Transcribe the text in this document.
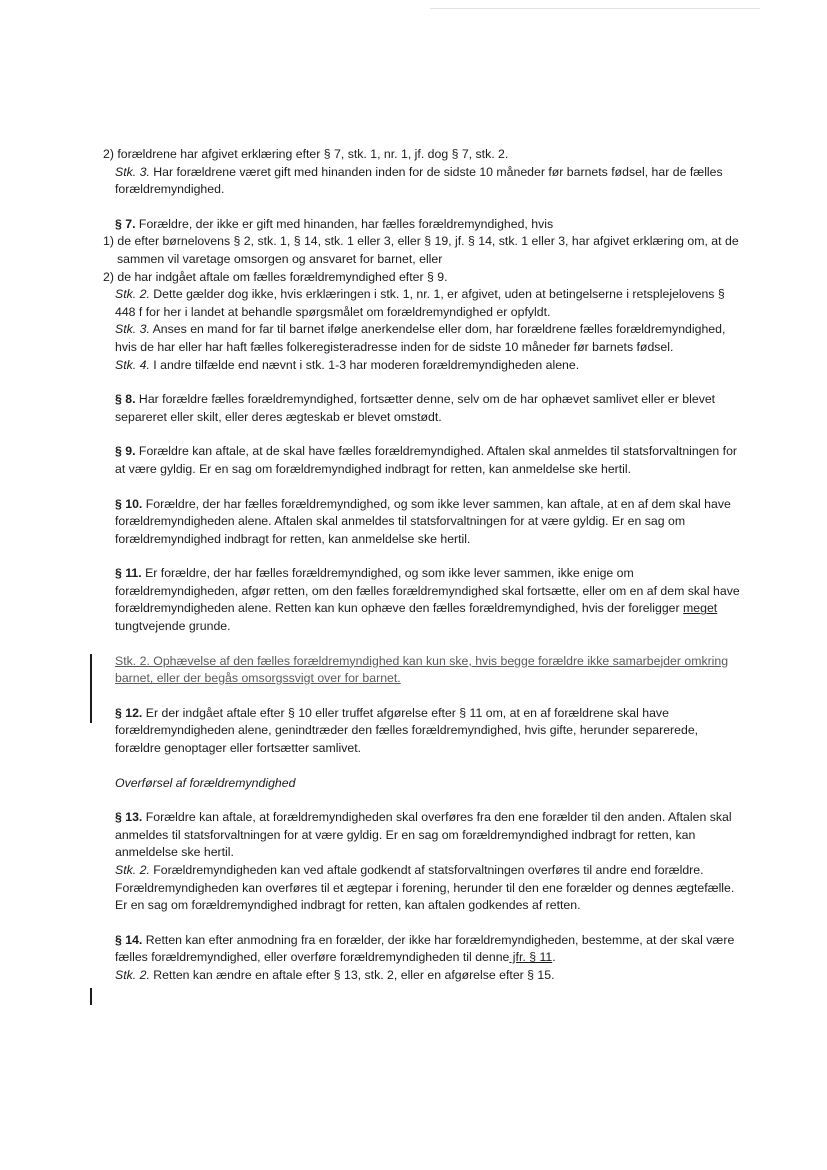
2) forældrene har afgivet erklæring efter § 7, stk. 1, nr. 1, jf. dog § 7, stk. 2.

Stk. 3. Har forældrene været gift med hinanden inden for de sidste 10 måneder før barnets fødsel, har de fælles forældremyndighed.

§ 7. Forældre, der ikke er gift med hinanden, har fælles forældremyndighed, hvis

1) de efter børnelovens § 2, stk. 1, § 14, stk. 1 eller 3, eller § 19, jf. § 14, stk. 1 eller 3, har afgivet erklæring om, at de sammen vil varetage omsorgen og ansvaret for barnet, eller

2) de har indgået aftale om fælles forældremyndighed efter § 9.

Stk. 2. Dette gælder dog ikke, hvis erklæringen i stk. 1, nr. 1, er afgivet, uden at betingelserne i retsplejelovens § 448 f for her i landet at behandle spørgsmålet om forældremyndighed er opfyldt.

Stk. 3. Anses en mand for far til barnet ifølge anerkendelse eller dom, har forældrene fælles forældremyndighed, hvis de har eller har haft fælles folkeregisteradresse inden for de sidste 10 måneder før barnets fødsel.

Stk. 4. I andre tilfælde end nævnt i stk. 1-3 har moderen forældremyndigheden alene.

§ 8. Har forældre fælles forældremyndighed, fortsætter denne, selv om de har ophævet samlivet eller er blevet separeret eller skilt, eller deres ægteskab er blevet omstødt.

§ 9. Forældre kan aftale, at de skal have fælles forældremyndighed. Aftalen skal anmeldes til statsforvaltningen for at være gyldig. Er en sag om forældremyndighed indbragt for retten, kan anmeldelse ske hertil.

§ 10. Forældre, der har fælles forældremyndighed, og som ikke lever sammen, kan aftale, at en af dem skal have forældremyndigheden alene. Aftalen skal anmeldes til statsforvaltningen for at være gyldig. Er en sag om forældremyndighed indbragt for retten, kan anmeldelse ske hertil.

§ 11. Er forældre, der har fælles forældremyndighed, og som ikke lever sammen, ikke enige om forældremyndigheden, afgør retten, om den fælles forældremyndighed skal fortsætte, eller om en af dem skal have forældremyndigheden alene. Retten kan kun ophæve den fælles forældremyndighed, hvis der foreligger meget tungtvejende grunde.

Stk. 2. Ophævelse af den fælles forældremyndighed kan kun ske, hvis begge forældre ikke samarbejder omkring barnet, eller der begås omsorgssvigt over for barnet.

§ 12. Er der indgået aftale efter § 10 eller truffet afgørelse efter § 11 om, at en af forældrene skal have forældremyndigheden alene, genindtræder den fælles forældremyndighed, hvis gifte, herunder separerede, forældre genoptager eller fortsætter samlivet.

Overførsel af forældremyndighed

§ 13. Forældre kan aftale, at forældremyndigheden skal overføres fra den ene forælder til den anden. Aftalen skal anmeldes til statsforvaltningen for at være gyldig. Er en sag om forældremyndighed indbragt for retten, kan anmeldelse ske hertil.

Stk. 2. Forældremyndigheden kan ved aftale godkendt af statsforvaltningen overføres til andre end forældre. Forældremyndigheden kan overføres til et ægtepar i forening, herunder til den ene forælder og dennes ægtefælle. Er en sag om forældremyndighed indbragt for retten, kan aftalen godkendes af retten.

§ 14. Retten kan efter anmodning fra en forælder, der ikke har forældremyndigheden, bestemme, at der skal være fælles forældremyndighed, eller overføre forældremyndigheden til denne jfr. § 11.

Stk. 2. Retten kan ændre en aftale efter § 13, stk. 2, eller en afgørelse efter § 15.
